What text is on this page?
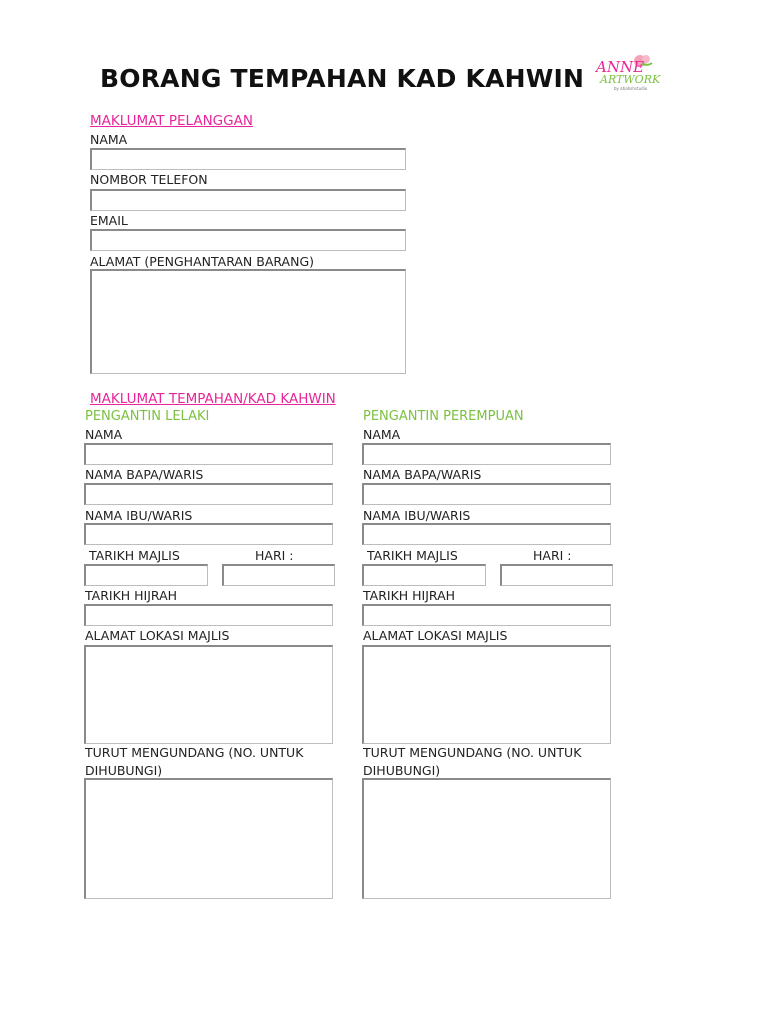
BORANG TEMPAHAN KAD KAHWIN ANNE
ARTWORK
by atiahshstudio
MAKLUMAT PELANGGAN
NAMA
NOMBOR TELEFON
EMAIL
ALAMAT (PENGHANTARAN BARANG)
MAKLUMAT TEMPAHAN/KAD KAHWIN
PENGANTIN LELAKI
NAMA
NAMA BAPA/WARIS
NAMA IBU/WARIS
TARIKH MAJLIS	HARI :
TARIKH HIJRAH
ALAMAT LOKASI MAJLIS
TURUT MENGUNDANG (NO. UNTUK
DIHUBUNGI)
PENGANTIN PEREMPUAN
NAMA
NAMA BAPA/WARIS
NAMA IBU/WARIS
TARIKH MAJLIS	HARI :
TARIKH HIJRAH
ALAMAT LOKASI MAJLIS
TURUT MENGUNDANG (NO. UNTUK
DIHUBUNGI)
